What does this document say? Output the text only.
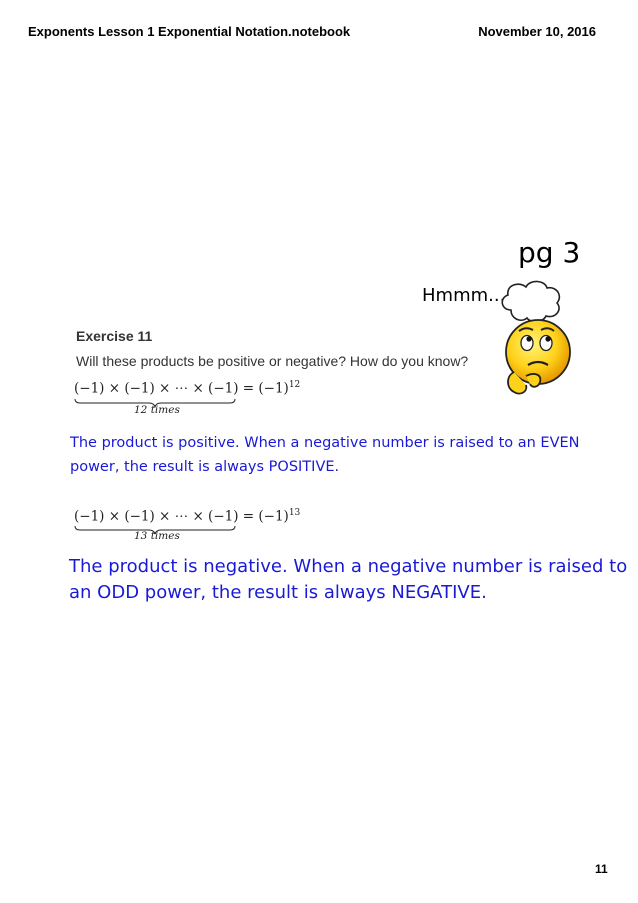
Exponents Lesson 1 Exponential Notation.notebook	November 10, 2016
pg 3
Hmmm...
Exercise 11
Will these products be positive or negative? How do you know?
(−1) × (−1) × ⋯ × $(-1) = (-1)^{12}$
12 times
The product is positive. When a negative number is raised to an EVEN power, the result is always POSITIVE.
(−1) × (−1) × ⋯ × $(-1) = (-1)^{13}$
13 times
The product is negative. When a negative number is raised to an ODD power, the result is always NEGATIVE.
11
